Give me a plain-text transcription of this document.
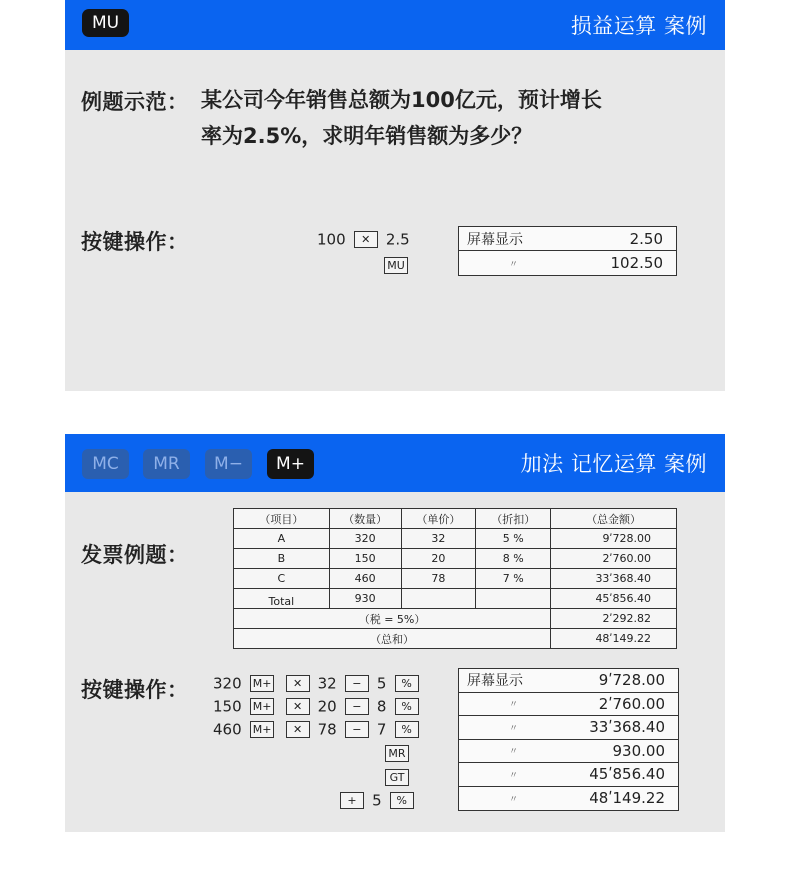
MU	损益运算 案例
例题示范： 某公司今年销售总额为100亿元，预计增长
率为2.5%，求明年销售额为多少？
按键操作：	100 ✕ 2.5
MU
屏幕显示	2.50
〃	102.50
MC	MR	M−	M+	加法 记忆运算 案例
发票例题：
（项目）	（数量）	（单价）	（折扣）	（总金额）
A	320	32	5 %	9ʹ728.00
B	150	20	8 %	2ʹ760.00
C	460	78	7 %	33ʹ368.40
Total	930			45ʹ856.40
（税 = 5%）				2ʹ292.82
（总和）				48ʹ149.22
按键操作： 320 M+ ✕ 32 − 5 %
150 M+ ✕ 20 − 8 %
460 M+ ✕ 78 − 7 %
MR
GT
+ 5 %
屏幕显示	9ʹ728.00
〃	2ʹ760.00
〃	33ʹ368.40
〃	930.00
〃	45ʹ856.40
〃	48ʹ149.22
